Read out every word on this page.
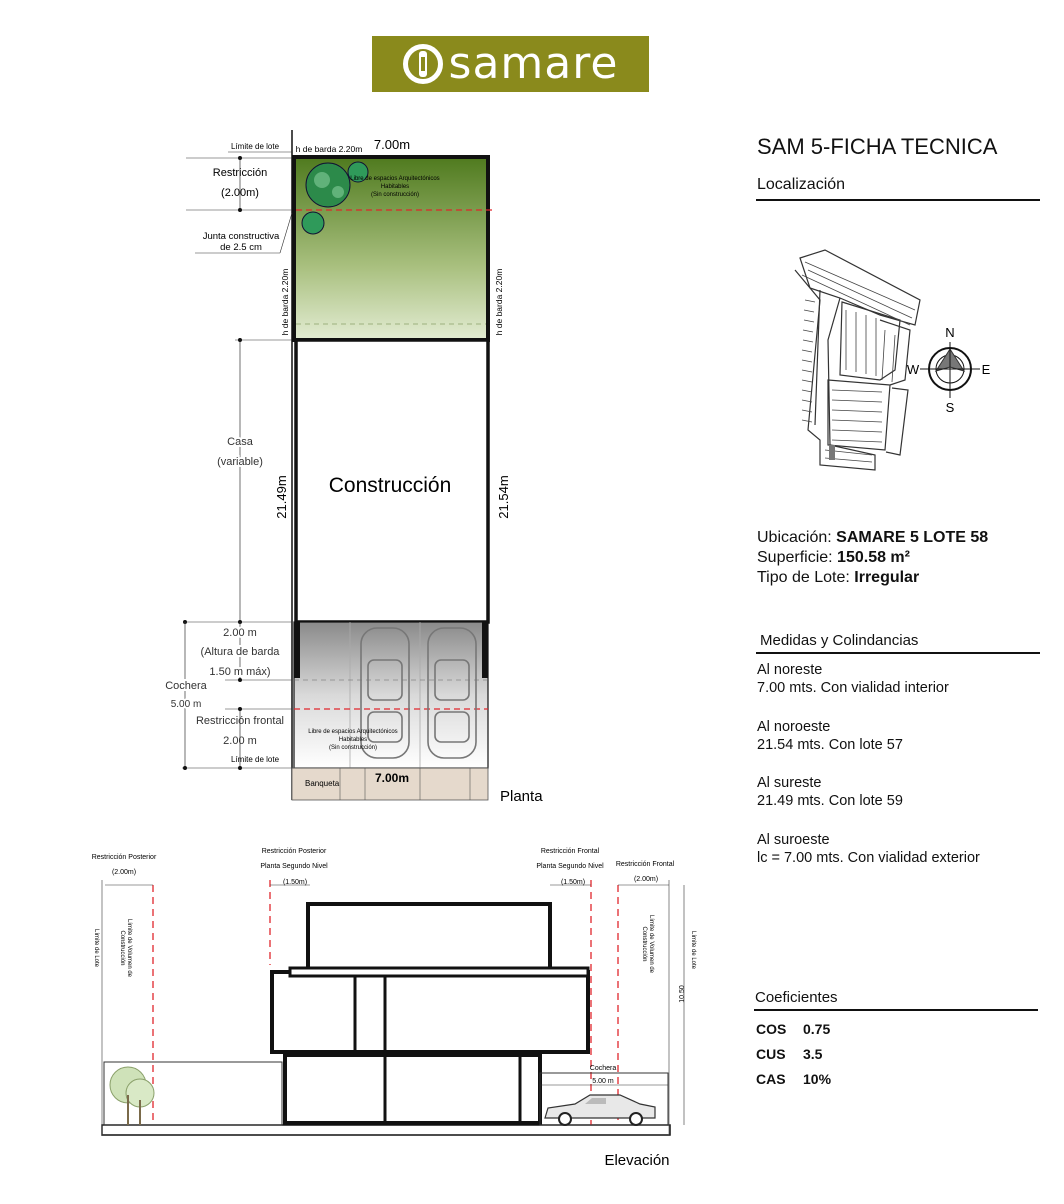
samare
SAM 5-FICHA TECNICA
Localización
N
S
W	E
Ubicación: SAMARE 5 LOTE 58
Superficie: 150.58 m²
Tipo de Lote: Irregular
Medidas y Colindancias
Al noreste
7.00 mts. Con vialidad interior
Al noroeste
21.54 mts. Con lote 57
Al sureste
21.49 mts. Con lote 59
Al suroeste
lc = 7.00 mts. Con vialidad exterior
Coeficientes
COS 0.75
CUS 3.5
CAS 10%
Libre de espacios Arquitectónicos
Habitables
(Sin construcción)
Construcción
Libre de espacios Arquitectónicos
Habitables
(Sin construcción)
Banqueta	7.00m
Planta
Límite de lote h de barda 2.20m 7.00m
Restricción
(2.00m)
Junta constructiva
de 2.5 cm
h de barda 2.20m	h de barda 2.20m
Casa
(variable)
21.49m	21.54m
2.00 m
(Altura de barda
1.50 m máx)
Cochera
5.00 m
Restricción frontal
2.00 m
Límite de lote
Restricción Posterior
(2.00m)
Restricción Posterior
Planta Segundo Nivel
(1.50m)
Restricción Frontal
Planta Segundo Nivel
(1.50m)
Restricción Frontal
(2.00m)
Límite de Lote	Límite de Volumen de
Construcción	Límite de Volumen de
Construcción	Límite de Lote
10.50
Cochera
5.00 m
Elevación
